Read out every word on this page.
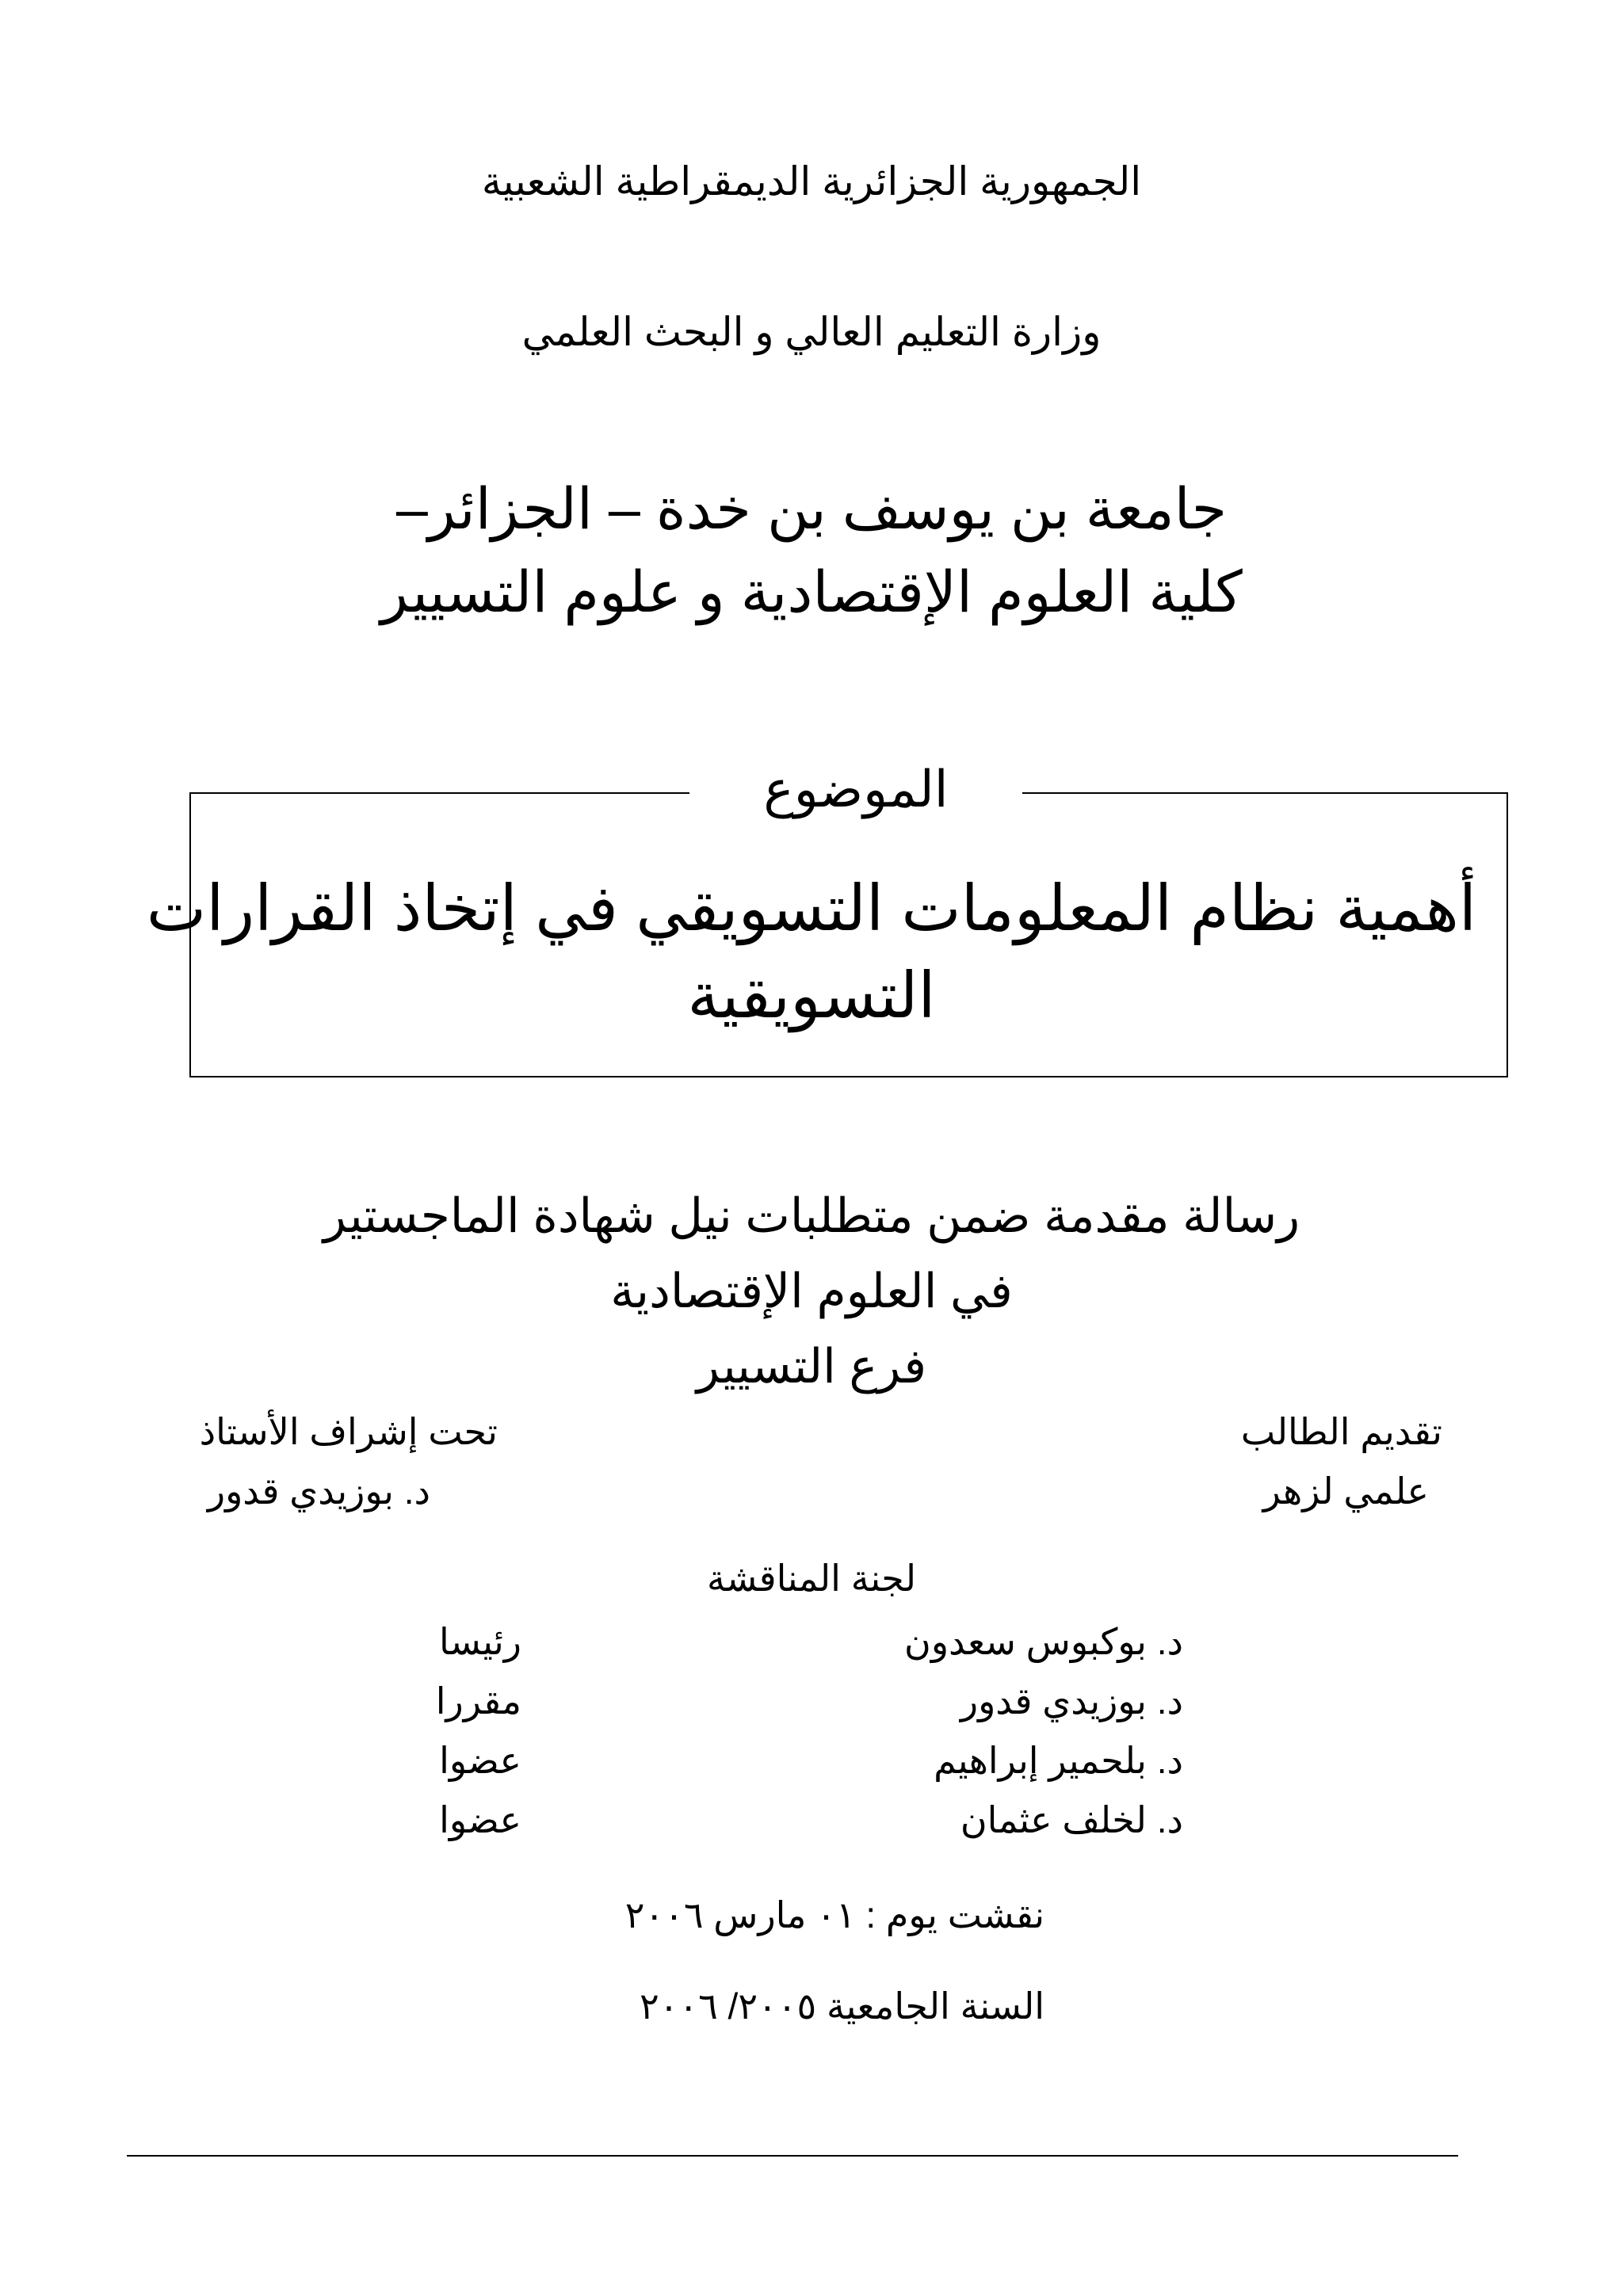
الجمهورية الجزائرية الديمقراطية الشعبية
وزارة التعليم العالي و البحث العلمي
جامعة بن يوسف بن خدة – الجزائر–
كلية العلوم الإقتصادية و علوم التسيير
الموضوع
أهمية نظام المعلومات التسويقي في إتخاذ القرارات
التسويقية
رسالة مقدمة ضمن متطلبات نيل شهادة الماجستير
في العلوم الإقتصادية
فرع التسيير
تقديم الطالب
علمي لزهر
تحت إشراف الأستاذ
د. بوزيدي قدور
لجنة المناقشة
د. بوكبوس سعدون
رئيسا
د. بوزيدي قدور
مقررا
د. بلحمير إبراهيم
عضوا
د. لخلف عثمان
عضوا
نقشت يوم : ٠١ مارس ٢٠٠٦
السنة الجامعية ٢٠٠٥/ ٢٠٠٦
